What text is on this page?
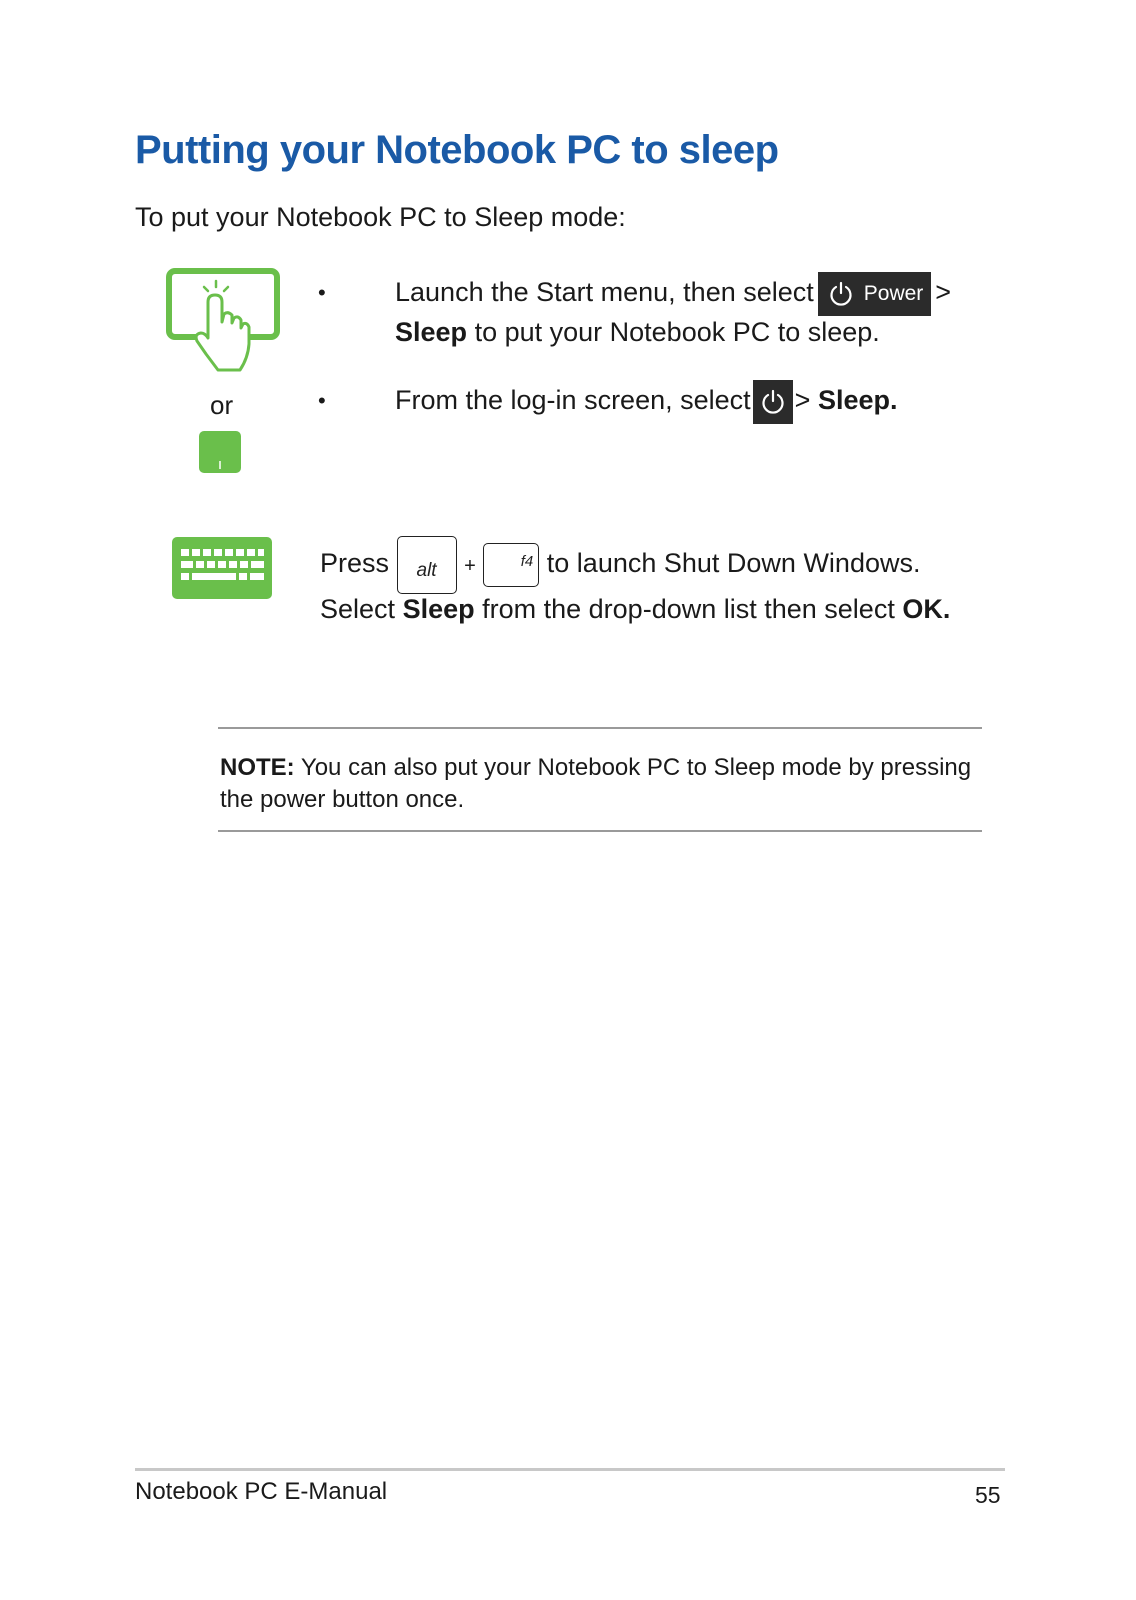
Putting your Notebook PC to sleep
To put your Notebook PC to Sleep mode:
or
•	Launch the Start menu, then select Power >
Sleep to put your Notebook PC to sleep.
•	From the log-in screen, select > Sleep.
Press	alt	+	f4 to launch Shut Down Windows.
Select Sleep from the drop-down list then select OK.
NOTE: You can also put your Notebook PC to Sleep mode by pressing the power button once.
Notebook PC E-Manual	55
